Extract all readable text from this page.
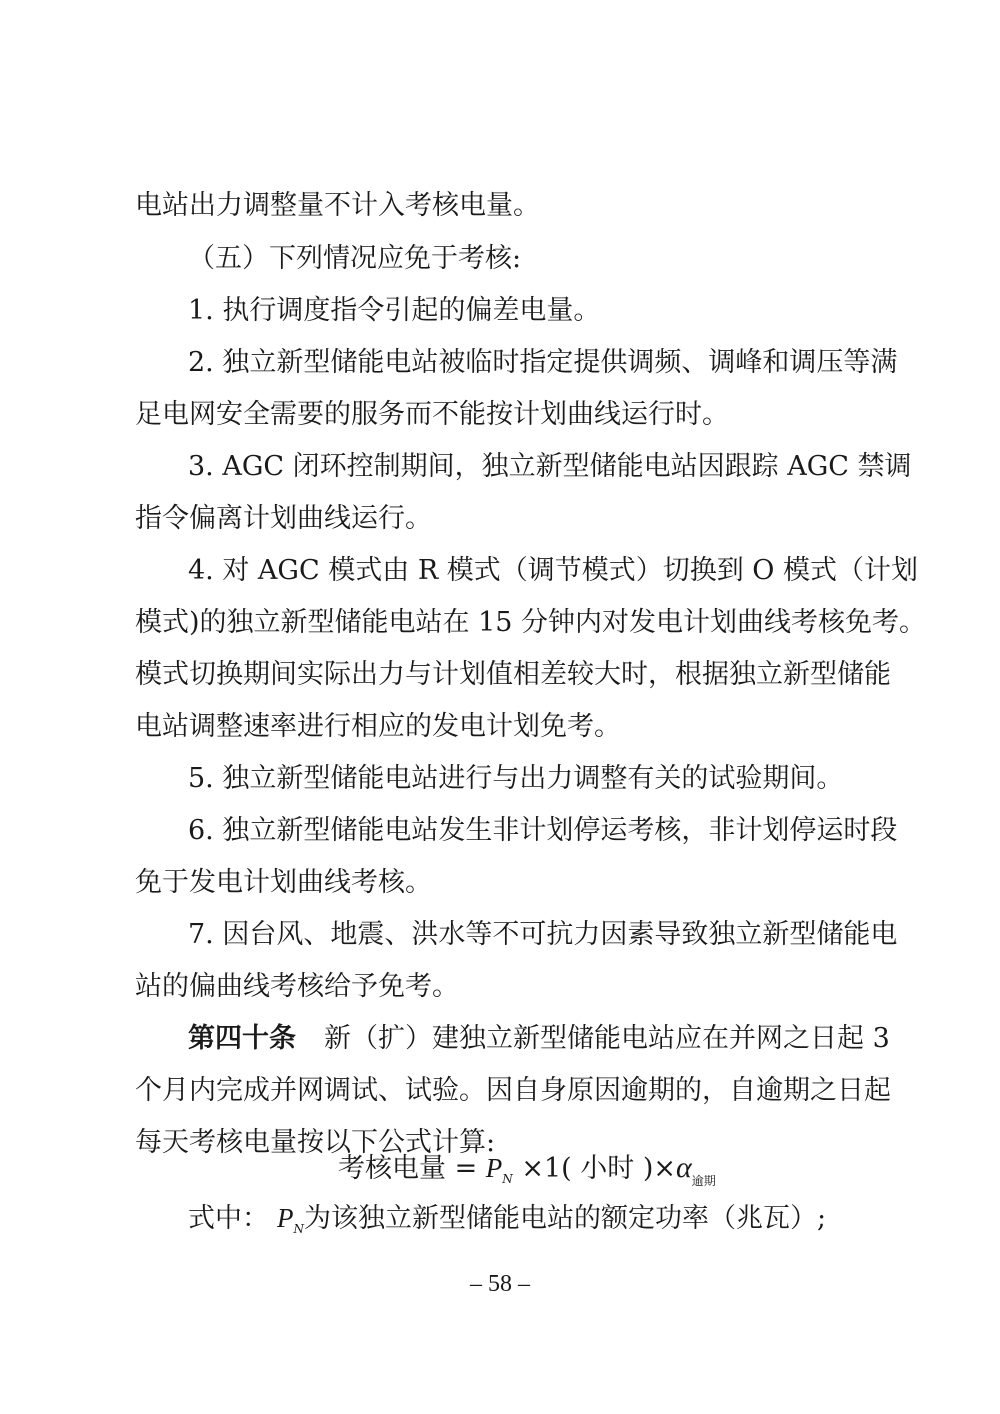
电站出力调整量不计入考核电量。
（五）下列情况应免于考核:
1. 执行调度指令引起的偏差电量。
2. 独立新型储能电站被临时指定提供调频、调峰和调压等满
足电网安全需要的服务而不能按计划曲线运行时。
3. AGC 闭环控制期间，独立新型储能电站因跟踪 AGC 禁调
指令偏离计划曲线运行。
4. 对 AGC 模式由 R 模式（调节模式）切换到 O 模式（计划
模式)的独立新型储能电站在 15 分钟内对发电计划曲线考核免考。
模式切换期间实际出力与计划值相差较大时，根据独立新型储能
电站调整速率进行相应的发电计划免考。
5. 独立新型储能电站进行与出力调整有关的试验期间。
6. 独立新型储能电站发生非计划停运考核，非计划停运时段
免于发电计划曲线考核。
7. 因台风、地震、洪水等不可抗力因素导致独立新型储能电
站的偏曲线考核给予免考。
第四十条 新（扩）建独立新型储能电站应在并网之日起 3
个月内完成并网调试、试验。因自身原因逾期的，自逾期之日起
每天考核电量按以下公式计算:
考核电量 = $P_N \times 1$( 小时 )$\times\alpha_{逾期}$
式中： $P_N$为该独立新型储能电站的额定功率（兆瓦）;
– 58 –
